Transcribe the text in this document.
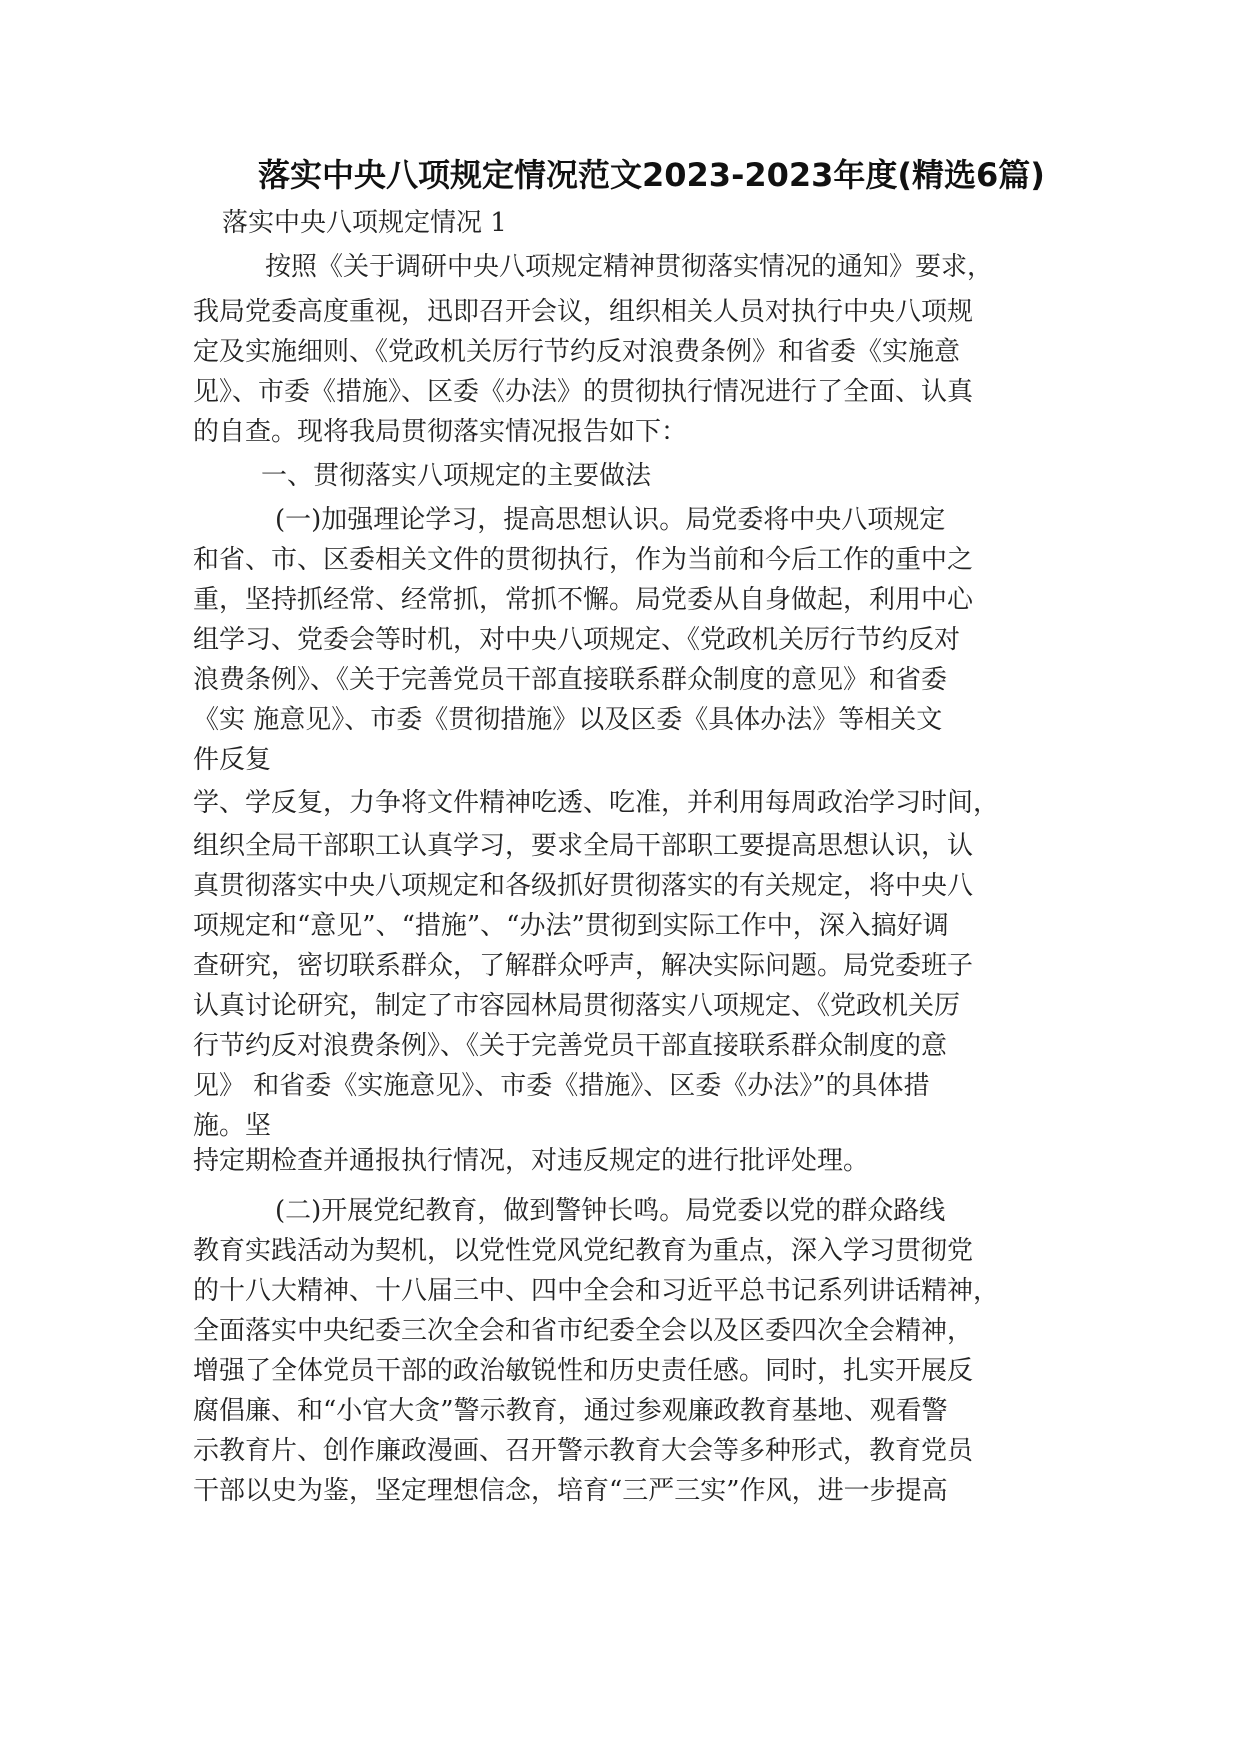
落实中央八项规定情况范文2023-2023年度(精选6篇)

落实中央八项规定情况 1

按照《关于调研中央八项规定精神贯彻落实情况的通知》要求，

我局党委高度重视，迅即召开会议，组织相关人员对执行中央八项规

定及实施细则、《党政机关厉行节约反对浪费条例》和省委《实施意

见》、市委《措施》、区委《办法》的贯彻执行情况进行了全面、认真

的自查。现将我局贯彻落实情况报告如下：

一、贯彻落实八项规定的主要做法

(一)加强理论学习，提高思想认识。局党委将中央八项规定

和省、市、区委相关文件的贯彻执行，作为当前和今后工作的重中之

重，坚持抓经常、经常抓，常抓不懈。局党委从自身做起，利用中心

组学习、党委会等时机，对中央八项规定、《党政机关厉行节约反对

浪费条例》、《关于完善党员干部直接联系群众制度的意见》和省委

《实 施意见》、市委《贯彻措施》以及区委《具体办法》等相关文

件反复

学、学反复，力争将文件精神吃透、吃准，并利用每周政治学习时间，

组织全局干部职工认真学习，要求全局干部职工要提高思想认识，认

真贯彻落实中央八项规定和各级抓好贯彻落实的有关规定，将中央八

项规定和“意见”、“措施”、“办法”贯彻到实际工作中，深入搞好调

查研究，密切联系群众，了解群众呼声，解决实际问题。局党委班子

认真讨论研究，制定了市容园林局贯彻落实八项规定、《党政机关厉

行节约反对浪费条例》、《关于完善党员干部直接联系群众制度的意

见》 和省委《实施意见》、市委《措施》、区委《办法》”的具体措

施。坚

持定期检查并通报执行情况，对违反规定的进行批评处理。

(二)开展党纪教育，做到警钟长鸣。局党委以党的群众路线

教育实践活动为契机，以党性党风党纪教育为重点，深入学习贯彻党

的十八大精神、十八届三中、四中全会和习近平总书记系列讲话精神，

全面落实中央纪委三次全会和省市纪委全会以及区委四次全会精神，

增强了全体党员干部的政治敏锐性和历史责任感。同时，扎实开展反

腐倡廉、和“小官大贪”警示教育，通过参观廉政教育基地、观看警

示教育片、创作廉政漫画、召开警示教育大会等多种形式，教育党员

干部以史为鉴，坚定理想信念，培育“三严三实”作风，进一步提高
